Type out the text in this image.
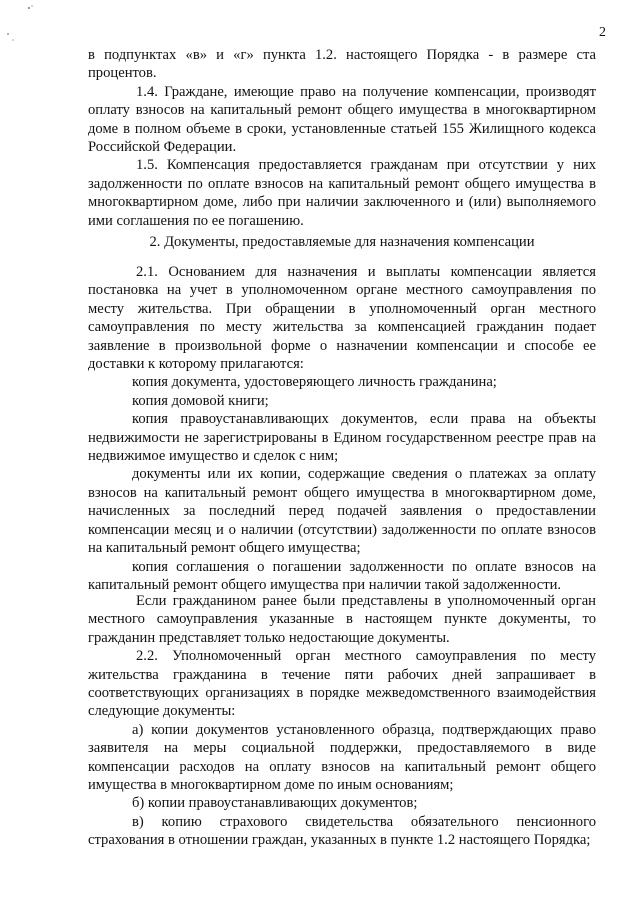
2

в подпунктах «в» и «г» пункта 1.2. настоящего Порядка - в размере ста процентов.

1.4. Граждане, имеющие право на получение компенсации, производят оплату взносов на капитальный ремонт общего имущества в многоквартирном доме в полном объеме в сроки, установленные статьей 155 Жилищного кодекса Российской Федерации.

1.5. Компенсация предоставляется гражданам при отсутствии у них задолженности по оплате взносов на капитальный ремонт общего имущества в многоквартирном доме, либо при наличии заключенного и (или) выполняемого ими соглашения по ее погашению.

2. Документы, предоставляемые для назначения компенсации

2.1. Основанием для назначения и выплаты компенсации является постановка на учет в уполномоченном органе местного самоуправления по месту жительства. При обращении в уполномоченный орган местного самоуправления по месту жительства за компенсацией гражданин подает заявление в произвольной форме о назначении компенсации и способе ее доставки к которому прилагаются:

копия документа, удостоверяющего личность гражданина;

копия домовой книги;

копия правоустанавливающих документов, если права на объекты недвижимости не зарегистрированы в Едином государственном реестре прав на недвижимое имущество и сделок с ним;

документы или их копии, содержащие сведения о платежах за оплату взносов на капитальный ремонт общего имущества в многоквартирном доме, начисленных за последний перед подачей заявления о предоставлении компенсации месяц и о наличии (отсутствии) задолженности по оплате взносов на капитальный ремонт общего имущества;

копия соглашения о погашении задолженности по оплате взносов на капитальный ремонт общего имущества при наличии такой задолженности.

Если гражданином ранее были представлены в уполномоченный орган местного самоуправления указанные в настоящем пункте документы, то гражданин представляет только недостающие документы.

2.2. Уполномоченный орган местного самоуправления по месту жительства гражданина в течение пяти рабочих дней запрашивает в соответствующих организациях в порядке межведомственного взаимодействия следующие документы:

а) копии документов установленного образца, подтверждающих право заявителя на меры социальной поддержки, предоставляемого в виде компенсации расходов на оплату взносов на капитальный ремонт общего имущества в многоквартирном доме по иным основаниям;

б) копии правоустанавливающих документов;

в) копию страхового свидетельства обязательного пенсионного страхования в отношении граждан, указанных в пункте 1.2 настоящего Порядка;
